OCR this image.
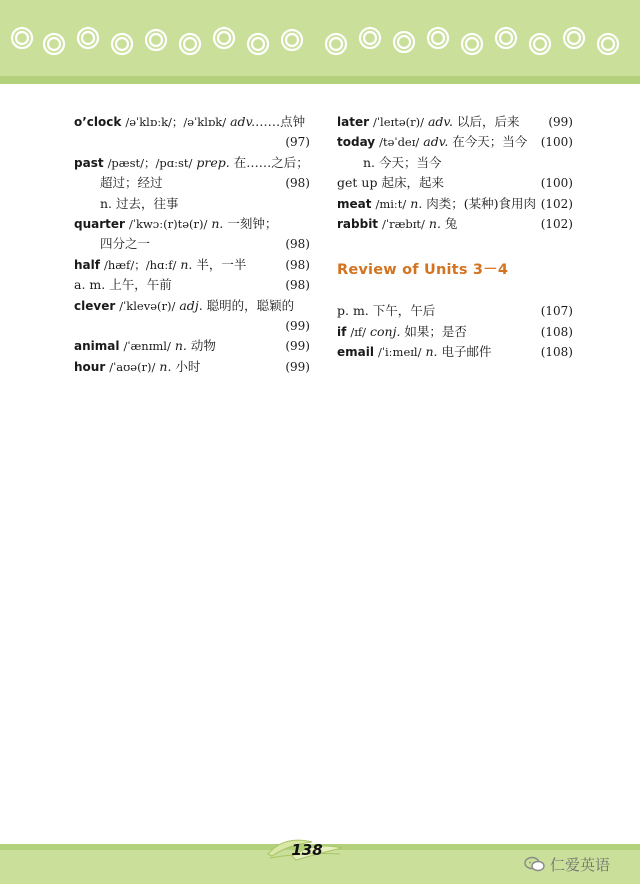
o’clock /əˈklɒːk/；/əˈklɒk/ adv.……点钟
(97)
past /pæst/；/pɑːst/ prep. 在……之后；
超过；经过	(98)
n. 过去，往事
quarter /ˈkwɔː(r)tə(r)/ n. 一刻钟；
四分之一	(98)
half /hæf/；/hɑːf/ n. 半，一半	(98)
a. m. 上午，午前	(98)
clever /ˈklevə(r)/ adj. 聪明的，聪颖的
(99)
animal /ˈænɪml/ n. 动物	(99)
hour /ˈaʊə(r)/ n. 小时	(99)
later /ˈleɪtə(r)/ adv. 以后，后来	(99)
today /təˈdeɪ/ adv. 在今天；当今	(100)
n. 今天；当今
get up 起床，起来	(100)
meat /miːt/ n. 肉类；(某种)食用肉 (102)
rabbit /ˈræbɪt/ n. 兔	(102)
Review of Units 3－4
p. m. 下午，午后	(107)
if /ɪf/ conj. 如果；是否	(108)
email /ˈiːmeɪl/ n. 电子邮件	(108)
138
仁爱英语
